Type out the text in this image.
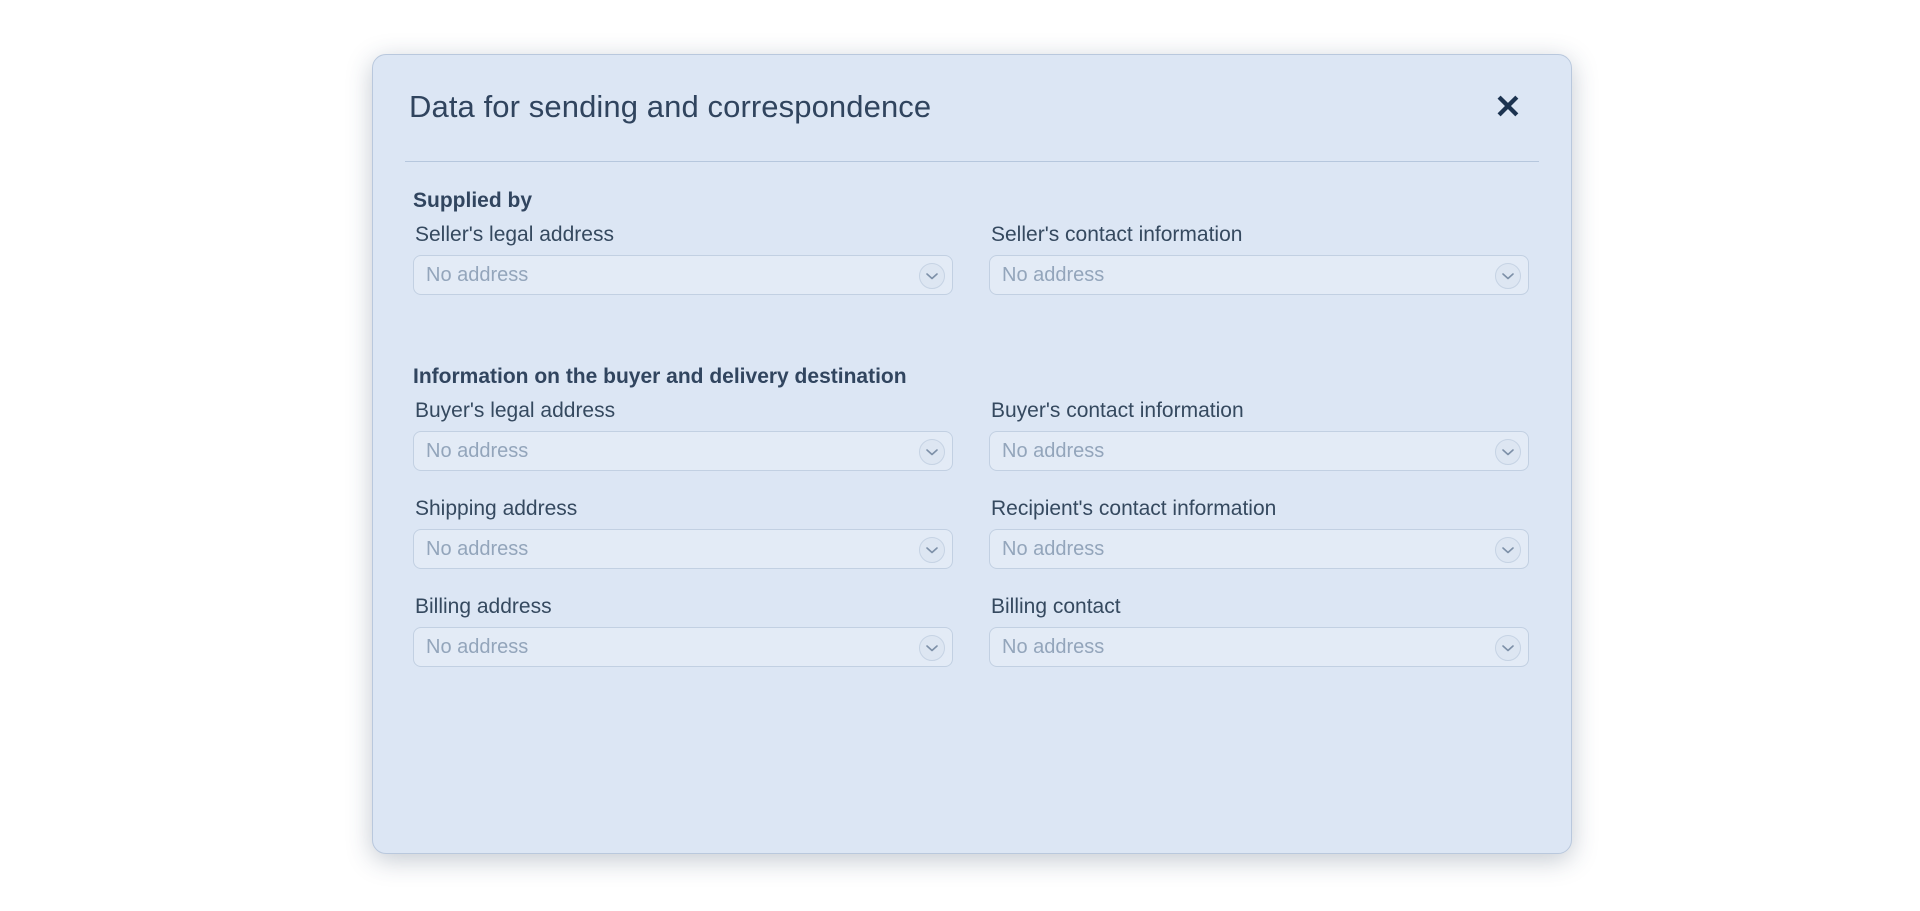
Data for sending and correspondence	✕
Supplied by
Seller's legal address
No address
Seller's contact information
No address
Information on the buyer and delivery destination
Buyer's legal address
No address
Shipping address
No address
Billing address
No address
Buyer's contact information
No address
Recipient's contact information
No address
Billing contact
No address
